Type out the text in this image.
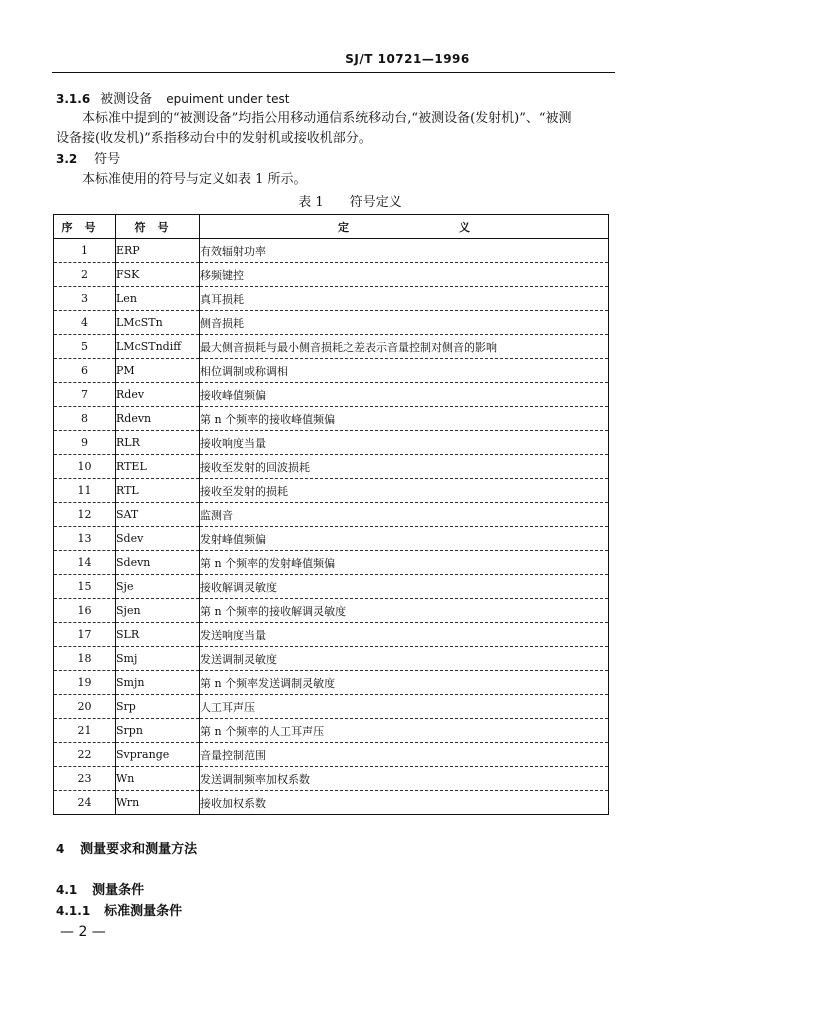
SJ/T 10721—1996
3.1.6 被测设备 epuiment under test
本标准中提到的“被测设备”均指公用移动通信系统移动台,“被测设备(发射机)”、“被测
设备接(收发机)”系指移动台中的发射机或接收机部分。
3.2 符号
本标准使用的符号与定义如表 1 所示。
表 1 符号定义
序号	符号	定 义
1	ERP	有效辐射功率
2	FSK	移频键控
3	Len	真耳损耗
4	LMcSTn	侧音损耗
5	LMcSTndiff	最大侧音损耗与最小侧音损耗之差表示音量控制对侧音的影响
6	PM	相位调制或称调相
7	Rdev	接收峰值频偏
8	Rdevn	第 n 个频率的接收峰值频偏
9	RLR	接收响度当量
10	RTEL	接收至发射的回波损耗
11	RTL	接收至发射的损耗
12	SAT	监测音
13	Sdev	发射峰值频偏
14	Sdevn	第 n 个频率的发射峰值频偏
15	Sje	接收解调灵敏度
16	Sjen	第 n 个频率的接收解调灵敏度
17	SLR	发送响度当量
18	Smj	发送调制灵敏度
19	Smjn	第 n 个频率发送调制灵敏度
20	Srp	人工耳声压
21	Srpn	第 n 个频率的人工耳声压
22	Svprange	音量控制范围
23	Wn	发送调制频率加权系数
24	Wrn	接收加权系数
4 测量要求和测量方法
4.1 测量条件
4.1.1 标准测量条件
— 2 —
